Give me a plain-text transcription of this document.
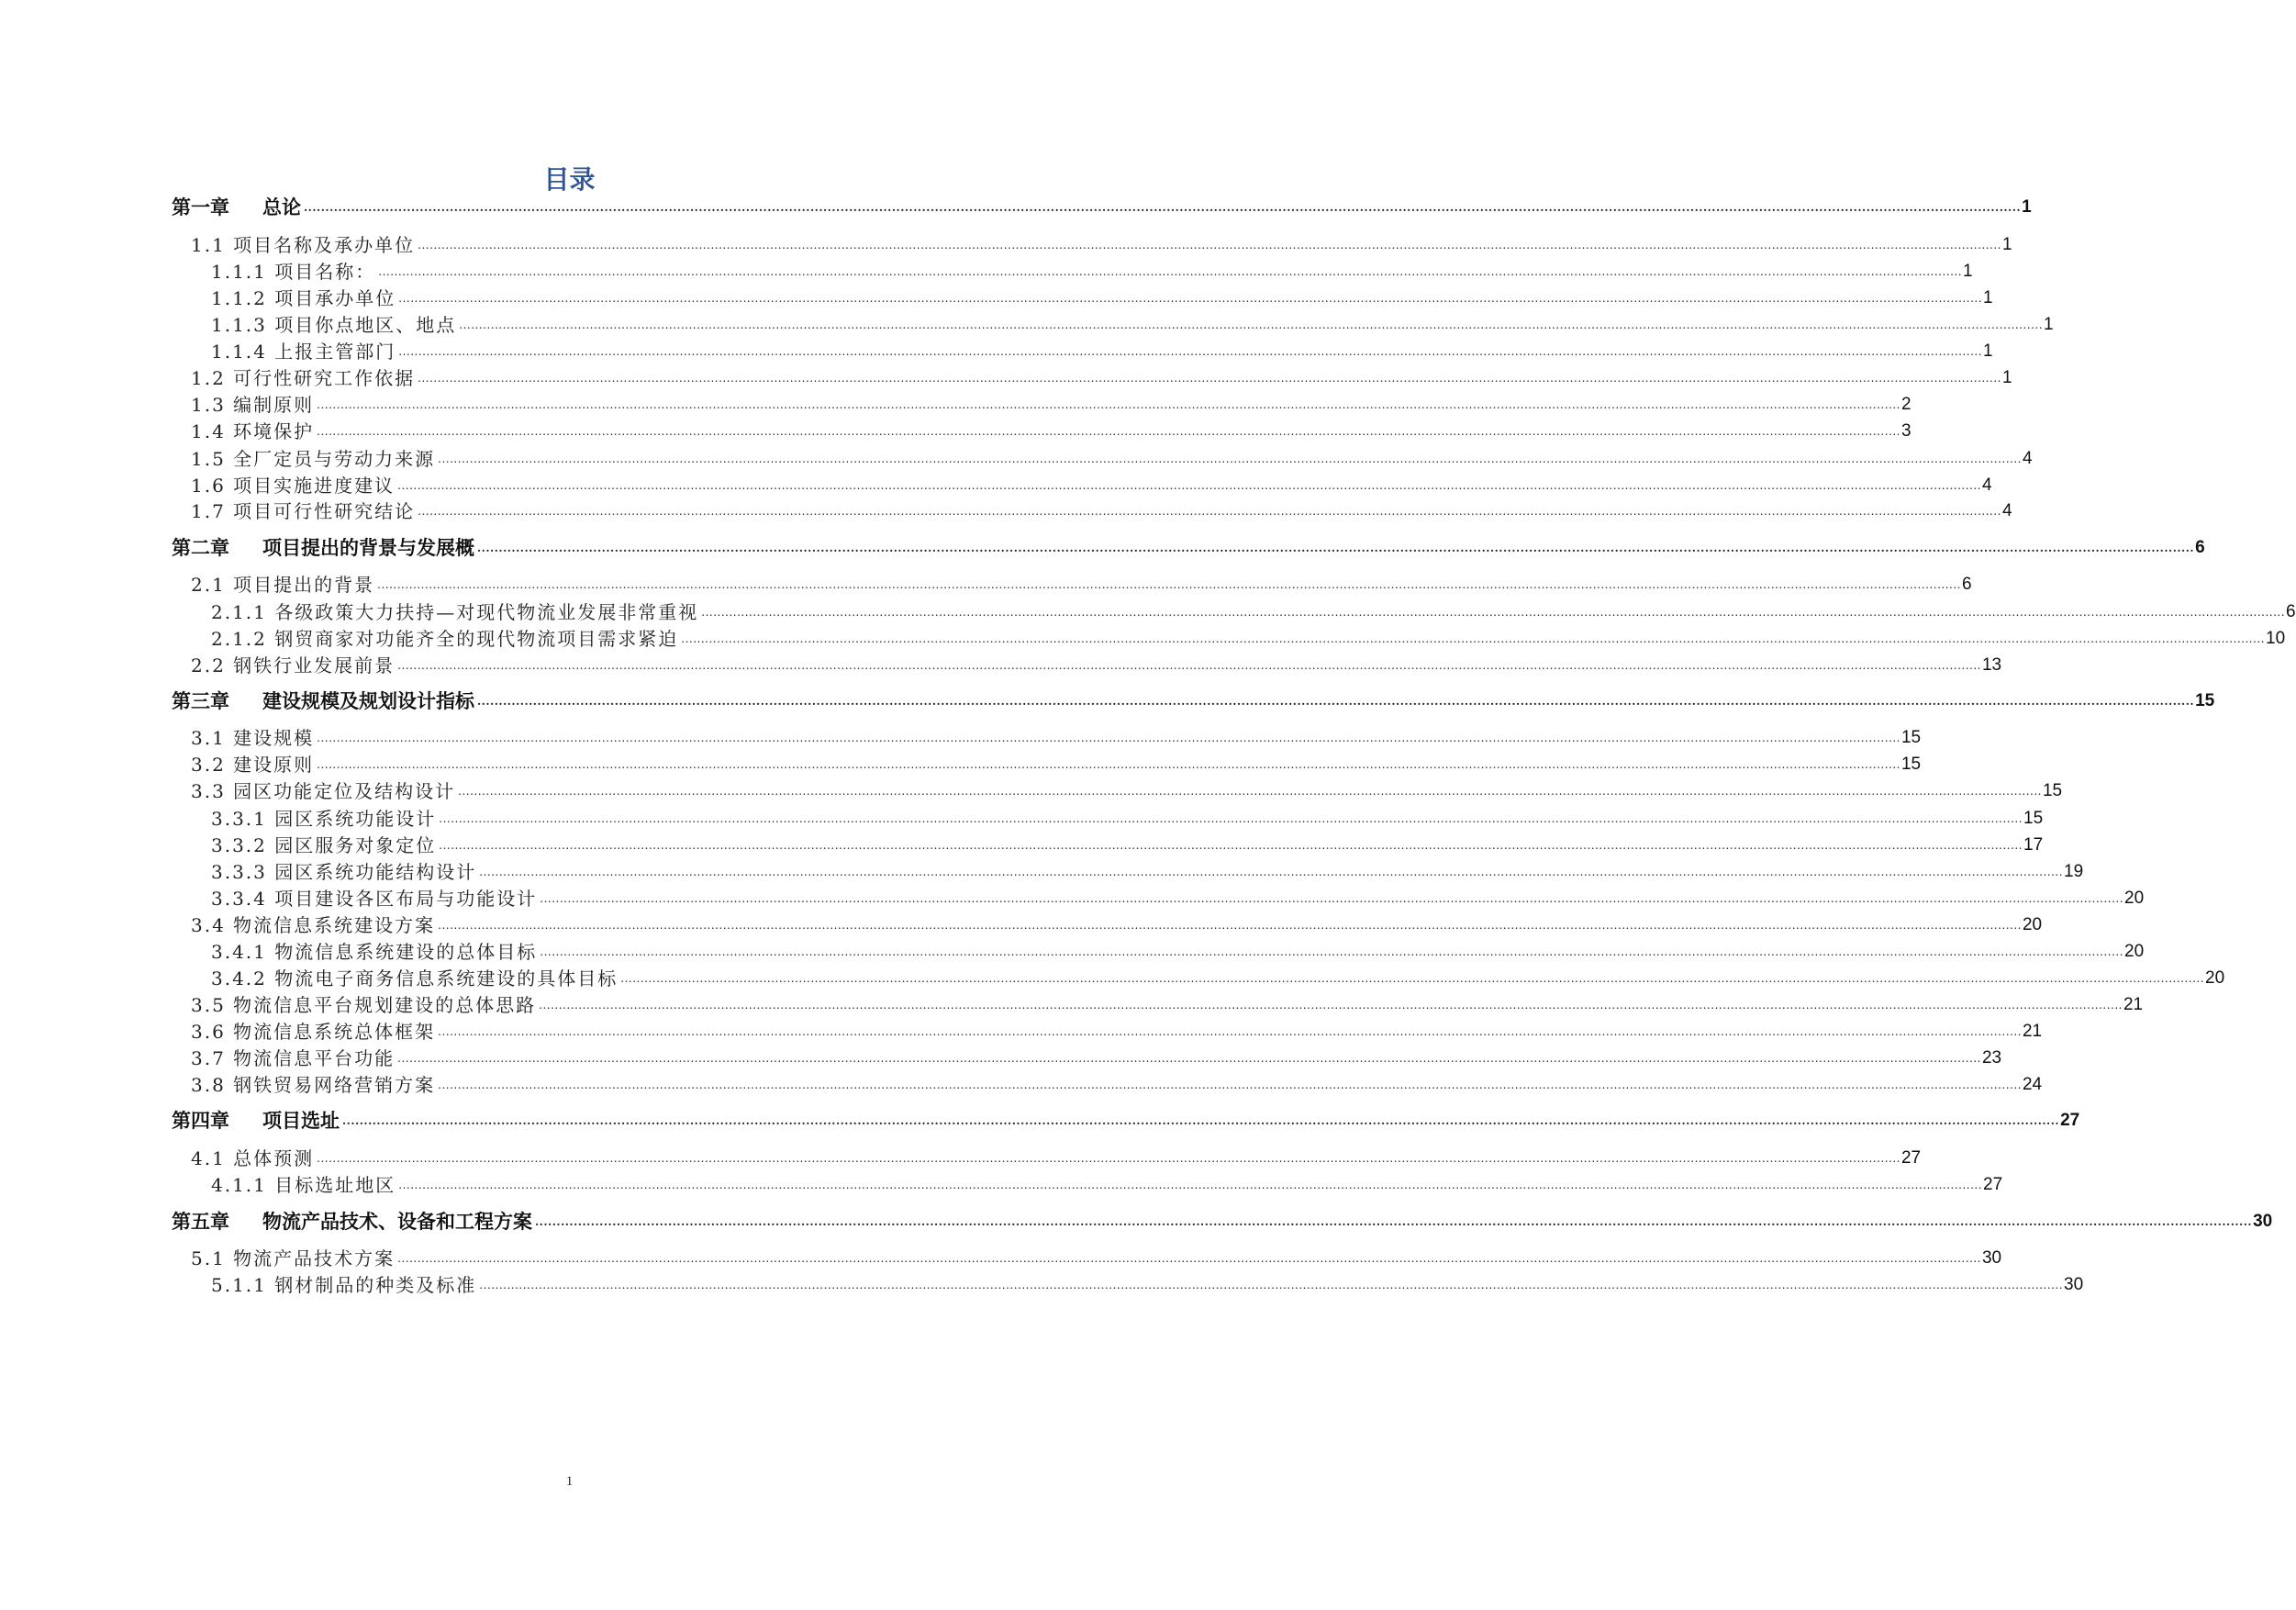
目录
第一章 总论 ................................................................................................................................................................................................................................................................................................................................................................................................................ 1
1.1 项目名称及承办单位 ................................................................................................................................................................................................................................................................................................................................................................................................................ 1
1.1.1 项目名称： ................................................................................................................................................................................................................................................................................................................................................................................................................ 1
1.1.2 项目承办单位 ................................................................................................................................................................................................................................................................................................................................................................................................................ 1
1.1.3 项目你点地区、地点 ................................................................................................................................................................................................................................................................................................................................................................................................................ 1
1.1.4 上报主管部门 ................................................................................................................................................................................................................................................................................................................................................................................................................ 1
1.2 可行性研究工作依据 ................................................................................................................................................................................................................................................................................................................................................................................................................ 1
1.3 编制原则 ................................................................................................................................................................................................................................................................................................................................................................................................................ 2
1.4 环境保护 ................................................................................................................................................................................................................................................................................................................................................................................................................ 3
1.5 全厂定员与劳动力来源 ................................................................................................................................................................................................................................................................................................................................................................................................................ 4
1.6 项目实施进度建议 ................................................................................................................................................................................................................................................................................................................................................................................................................ 4
1.7 项目可行性研究结论 ................................................................................................................................................................................................................................................................................................................................................................................................................ 4
第二章 项目提出的背景与发展概 ................................................................................................................................................................................................................................................................................................................................................................................................................ 6
2.1 项目提出的背景 ................................................................................................................................................................................................................................................................................................................................................................................................................ 6
2.1.1 各级政策大力扶持—对现代物流业发展非常重视 ................................................................................................................................................................................................................................................................................................................................................................................................................ 6
2.1.2 钢贸商家对功能齐全的现代物流项目需求紧迫 ................................................................................................................................................................................................................................................................................................................................................................................................................ 10
2.2 钢铁行业发展前景 ................................................................................................................................................................................................................................................................................................................................................................................................................ 13
第三章 建设规模及规划设计指标 ................................................................................................................................................................................................................................................................................................................................................................................................................ 15
3.1 建设规模 ................................................................................................................................................................................................................................................................................................................................................................................................................ 15
3.2 建设原则 ................................................................................................................................................................................................................................................................................................................................................................................................................ 15
3.3 园区功能定位及结构设计 ................................................................................................................................................................................................................................................................................................................................................................................................................ 15
3.3.1 园区系统功能设计 ................................................................................................................................................................................................................................................................................................................................................................................................................ 15
3.3.2 园区服务对象定位 ................................................................................................................................................................................................................................................................................................................................................................................................................ 17
3.3.3 园区系统功能结构设计 ................................................................................................................................................................................................................................................................................................................................................................................................................ 19
3.3.4 项目建设各区布局与功能设计 ................................................................................................................................................................................................................................................................................................................................................................................................................ 20
3.4 物流信息系统建设方案 ................................................................................................................................................................................................................................................................................................................................................................................................................ 20
3.4.1 物流信息系统建设的总体目标 ................................................................................................................................................................................................................................................................................................................................................................................................................ 20
3.4.2 物流电子商务信息系统建设的具体目标 ................................................................................................................................................................................................................................................................................................................................................................................................................ 20
3.5 物流信息平台规划建设的总体思路 ................................................................................................................................................................................................................................................................................................................................................................................................................ 21
3.6 物流信息系统总体框架 ................................................................................................................................................................................................................................................................................................................................................................................................................ 21
3.7 物流信息平台功能 ................................................................................................................................................................................................................................................................................................................................................................................................................ 23
3.8 钢铁贸易网络营销方案 ................................................................................................................................................................................................................................................................................................................................................................................................................ 24
第四章 项目选址 ................................................................................................................................................................................................................................................................................................................................................................................................................ 27
4.1 总体预测 ................................................................................................................................................................................................................................................................................................................................................................................................................ 27
4.1.1 目标选址地区 ................................................................................................................................................................................................................................................................................................................................................................................................................ 27
第五章 物流产品技术、设备和工程方案 ................................................................................................................................................................................................................................................................................................................................................................................................................ 30
5.1 物流产品技术方案 ................................................................................................................................................................................................................................................................................................................................................................................................................ 30
5.1.1 钢材制品的种类及标准 ................................................................................................................................................................................................................................................................................................................................................................................................................ 30
1
